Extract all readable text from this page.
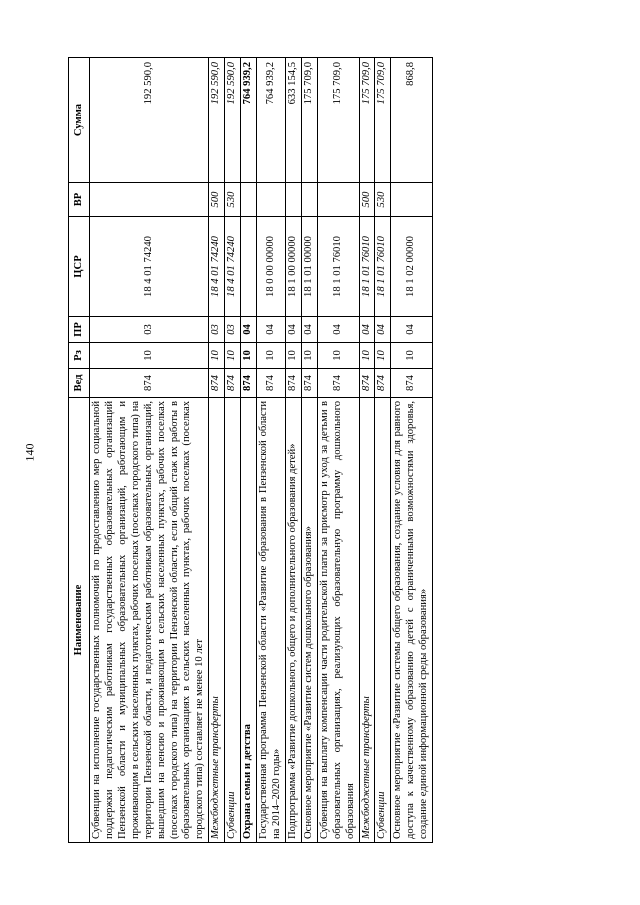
140
Наименование	Вед	Рз	ПР	ЦСР	ВР	Сумма
Субвенции на исполнение государственных полномочий по предоставлению мер социальной поддержки педагогическим работникам государственных образовательных организаций Пензенской области и муниципальных образовательных организаций, работающим и проживающим в сельских населенных пунктах, рабочих поселках (поселках городского типа) на территории Пензенской области, и педагогическим работникам образовательных организаций, вышедшим на пенсию и проживающим в сельских населенных пунктах, рабочих поселках (поселках городского типа) на территории Пензенской области, если общий стаж их работы в образовательных организациях в сельских населенных пунктах, рабочих поселках (поселках городского типа) составляет не менее 10 лет	874	10	03	18 4 01 74240		192 590,0
Межбюджетные трансферты	874	10	03	18 4 01 74240	500	192 590,0
Субвенции	874	10	03	18 4 01 74240	530	192 590,0
Охрана семьи и детства	874	10	04			764 939,2
Государственная программа Пензенской области «Развитие образования в Пензенской области на 2014–2020 годы»	874	10	04	18 0 00 00000		764 939,2
Подпрограмма «Развитие дошкольного, общего и дополнительного образования детей»	874	10	04	18 1 00 00000		633 154,5
Основное мероприятие «Развитие систем дошкольного образования»	874	10	04	18 1 01 00000		175 709,0
Субвенция на выплату компенсации части родительской платы за присмотр и уход за детьми в образовательных организациях, реализующих образовательную программу дошкольного образования	874	10	04	18 1 01 76010		175 709,0
Межбюджетные трансферты	874	10	04	18 1 01 76010	500	175 709,0
Субвенции	874	10	04	18 1 01 76010	530	175 709,0
Основное мероприятие «Развитие системы общего образования, создание условия для равного доступа к качественному образованию детей с ограниченными возможностями здоровья, создание единой информационной среды образования»	874	10	04	18 1 02 00000		868,8
